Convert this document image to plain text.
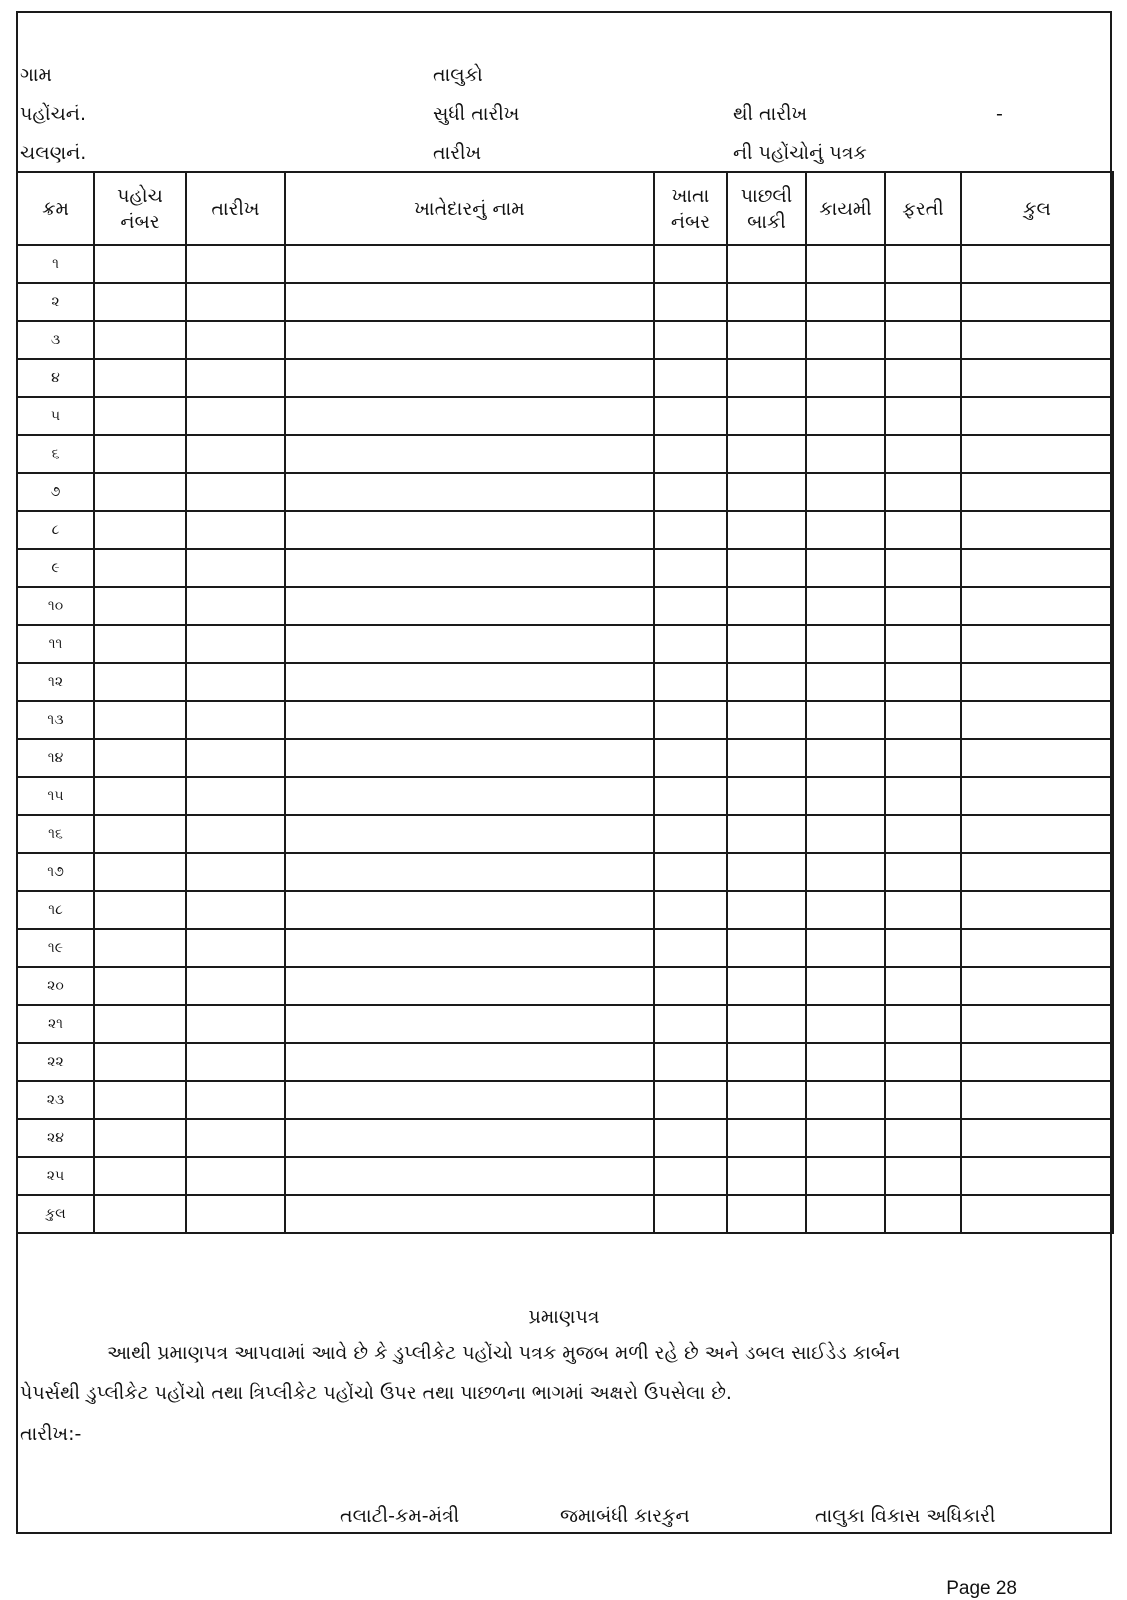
ગામ	તાલુકો
પહોંચનં.	સુધી તારીખ	થી તારીખ	-
ચલણનં.	તારીખ	ની પહોંચોનું પત્રક
ક્રમ	પહોચ નંબર	તારીખ	ખાતેદારનું નામ	ખાતા નંબર	પાછલી બાકી	કાયમી	ફરતી	કુલ
૧								
૨								
૩								
૪								
૫								
૬								
૭								
૮								
૯								
૧૦								
૧૧								
૧૨								
૧૩								
૧૪								
૧૫								
૧૬								
૧૭								
૧૮								
૧૯								
૨૦								
૨૧								
૨૨								
૨૩								
૨૪								
૨૫								
કુલ								
પ્રમાણપત્ર
આથી પ્રમાણપત્ર આપવામાં આવે છે કે ડુપ્લીકેટ પહોંચો પત્રક મુજબ મળી રહે છે અને ડબલ સાઈડેડ કાર્બન
પેપર્સથી ડુપ્લીકેટ પહોંચો તથા ત્રિપ્લીકેટ પહોંચો ઉપર તથા પાછળના ભાગમાં અક્ષરો ઉપસેલા છે.
તારીખ:-
તલાટી-કમ-મંત્રી	જમાબંધી કારકુન	તાલુકા વિકાસ અધિકારી
Page 28
